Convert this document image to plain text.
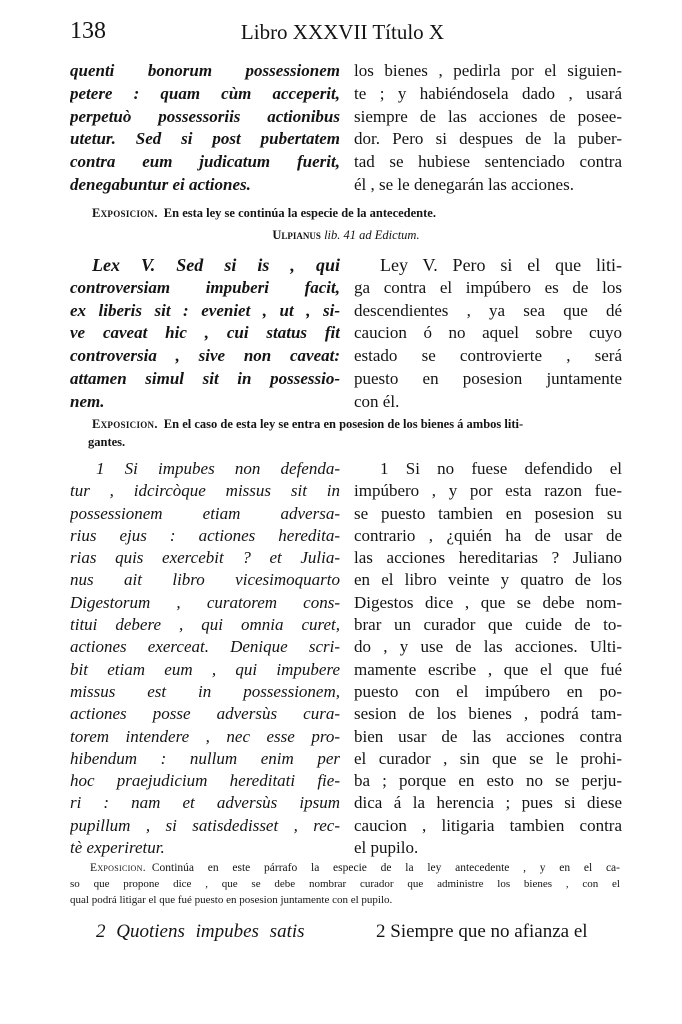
138	Libro XXXVII Título X
quenti bonorum possessionem
petere : quam cùm acceperit,
perpetuò possessoriis actionibus
utetur. Sed si post pubertatem
contra eum judicatum fuerit,
denegabuntur ei actiones.
los bienes , pedirla por el siguien-
te ; y habiéndosela dado , usará
siempre de las acciones de posee-
dor. Pero si despues de la puber-
tad se hubiese sentenciado contra
él , se le denegarán las acciones.
Exposicion. En esta ley se continúa la especie de la antecedente.
Ulpianus lib. 41 ad Edictum.
Lex V. Sed si is , qui
controversiam impuberi facit,
ex liberis sit : eveniet , ut , si-
ve caveat hic , cui status fit
controversia , sive non caveat:
attamen simul sit in possessio-
nem.
Ley V. Pero si el que liti-
ga contra el impúbero es de los
descendientes , ya sea que dé
caucion ó no aquel sobre cuyo
estado se controvierte , será
puesto en posesion juntamente
con él.
Exposicion. En el caso de esta ley se entra en posesion de los bienes á ambos liti-
gantes.
1 Si impubes non defenda-
tur , idcircòque missus sit in
possessionem etiam adversa-
rius ejus : actiones heredita-
rias quis exercebit ? et Julia-
nus ait libro vicesimoquarto
Digestorum , curatorem cons-
titui debere , qui omnia curet,
actiones exerceat. Denique scri-
bit etiam eum , qui impubere
missus est in possessionem,
actiones posse adversùs cura-
torem intendere , nec esse pro-
hibendum : nullum enim per
hoc praejudicium hereditati fie-
ri : nam et adversùs ipsum
pupillum , si satisdedisset , rec-
tè experiretur.
1 Si no fuese defendido el
impúbero , y por esta razon fue-
se puesto tambien en posesion su
contrario , ¿quién ha de usar de
las acciones hereditarias ? Juliano
en el libro veinte y quatro de los
Digestos dice , que se debe nom-
brar un curador que cuide de to-
do , y use de las acciones. Ulti-
mamente escribe , que el que fué
puesto con el impúbero en po-
sesion de los bienes , podrá tam-
bien usar de las acciones contra
el curador , sin que se le prohi-
ba ; porque en esto no se perju-
dica á la herencia ; pues si diese
caucion , litigaria tambien contra
el pupilo.
Exposicion. Continúa en este párrafo la especie de la ley antecedente , y en el ca-
so que propone dice , que se debe nombrar curador que administre los bienes , con el
qual podrá litigar el que fué puesto en posesion juntamente con el pupilo.
2 Quotiens impubes satis	2 Siempre que no afianza el
